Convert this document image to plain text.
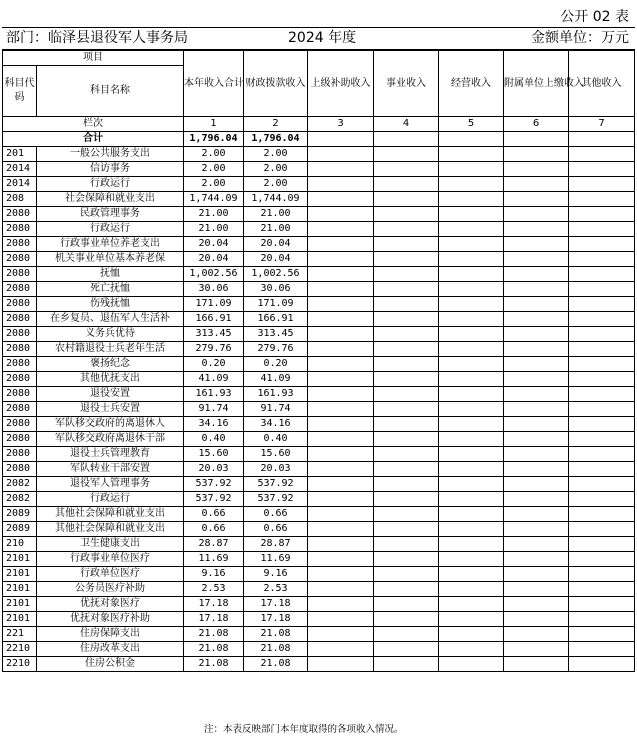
公开 02 表
部门：临泽县退役军人事务局	2024 年度	金额单位：万元
项目		本年收入合计	财政拨款收入	上级补助收入	事业收入	经营收入	附属单位上缴收入	其他收入
科目代码	科目名称							
栏次		1	2	3	4	5	6	7
合计		1,796.04	1,796.04					
201	一般公共服务支出	2.00	2.00					
2014	信访事务	2.00	2.00					
2014	行政运行	2.00	2.00					
208	社会保障和就业支出	1,744.09	1,744.09					
2080	民政管理事务	21.00	21.00					
2080	行政运行	21.00	21.00					
2080	行政事业单位养老支出	20.04	20.04					
2080	机关事业单位基本养老保	20.04	20.04					
2080	抚恤	1,002.56	1,002.56					
2080	死亡抚恤	30.06	30.06					
2080	伤残抚恤	171.09	171.09					
2080	在乡复员、退伍军人生活补	166.91	166.91					
2080	义务兵优待	313.45	313.45					
2080	农村籍退役士兵老年生活	279.76	279.76					
2080	褒扬纪念	0.20	0.20					
2080	其他优抚支出	41.09	41.09					
2080	退役安置	161.93	161.93					
2080	退役士兵安置	91.74	91.74					
2080	军队移交政府的离退休人	34.16	34.16					
2080	军队移交政府离退休干部	0.40	0.40					
2080	退役士兵管理教育	15.60	15.60					
2080	军队转业干部安置	20.03	20.03					
2082	退役军人管理事务	537.92	537.92					
2082	行政运行	537.92	537.92					
2089	其他社会保障和就业支出	0.66	0.66					
2089	其他社会保障和就业支出	0.66	0.66					
210	卫生健康支出	28.87	28.87					
2101	行政事业单位医疗	11.69	11.69					
2101	行政单位医疗	9.16	9.16					
2101	公务员医疗补助	2.53	2.53					
2101	优抚对象医疗	17.18	17.18					
2101	优抚对象医疗补助	17.18	17.18					
221	住房保障支出	21.08	21.08					
2210	住房改革支出	21.08	21.08					
2210	住房公积金	21.08	21.08					
注：本表反映部门本年度取得的各项收入情况。
